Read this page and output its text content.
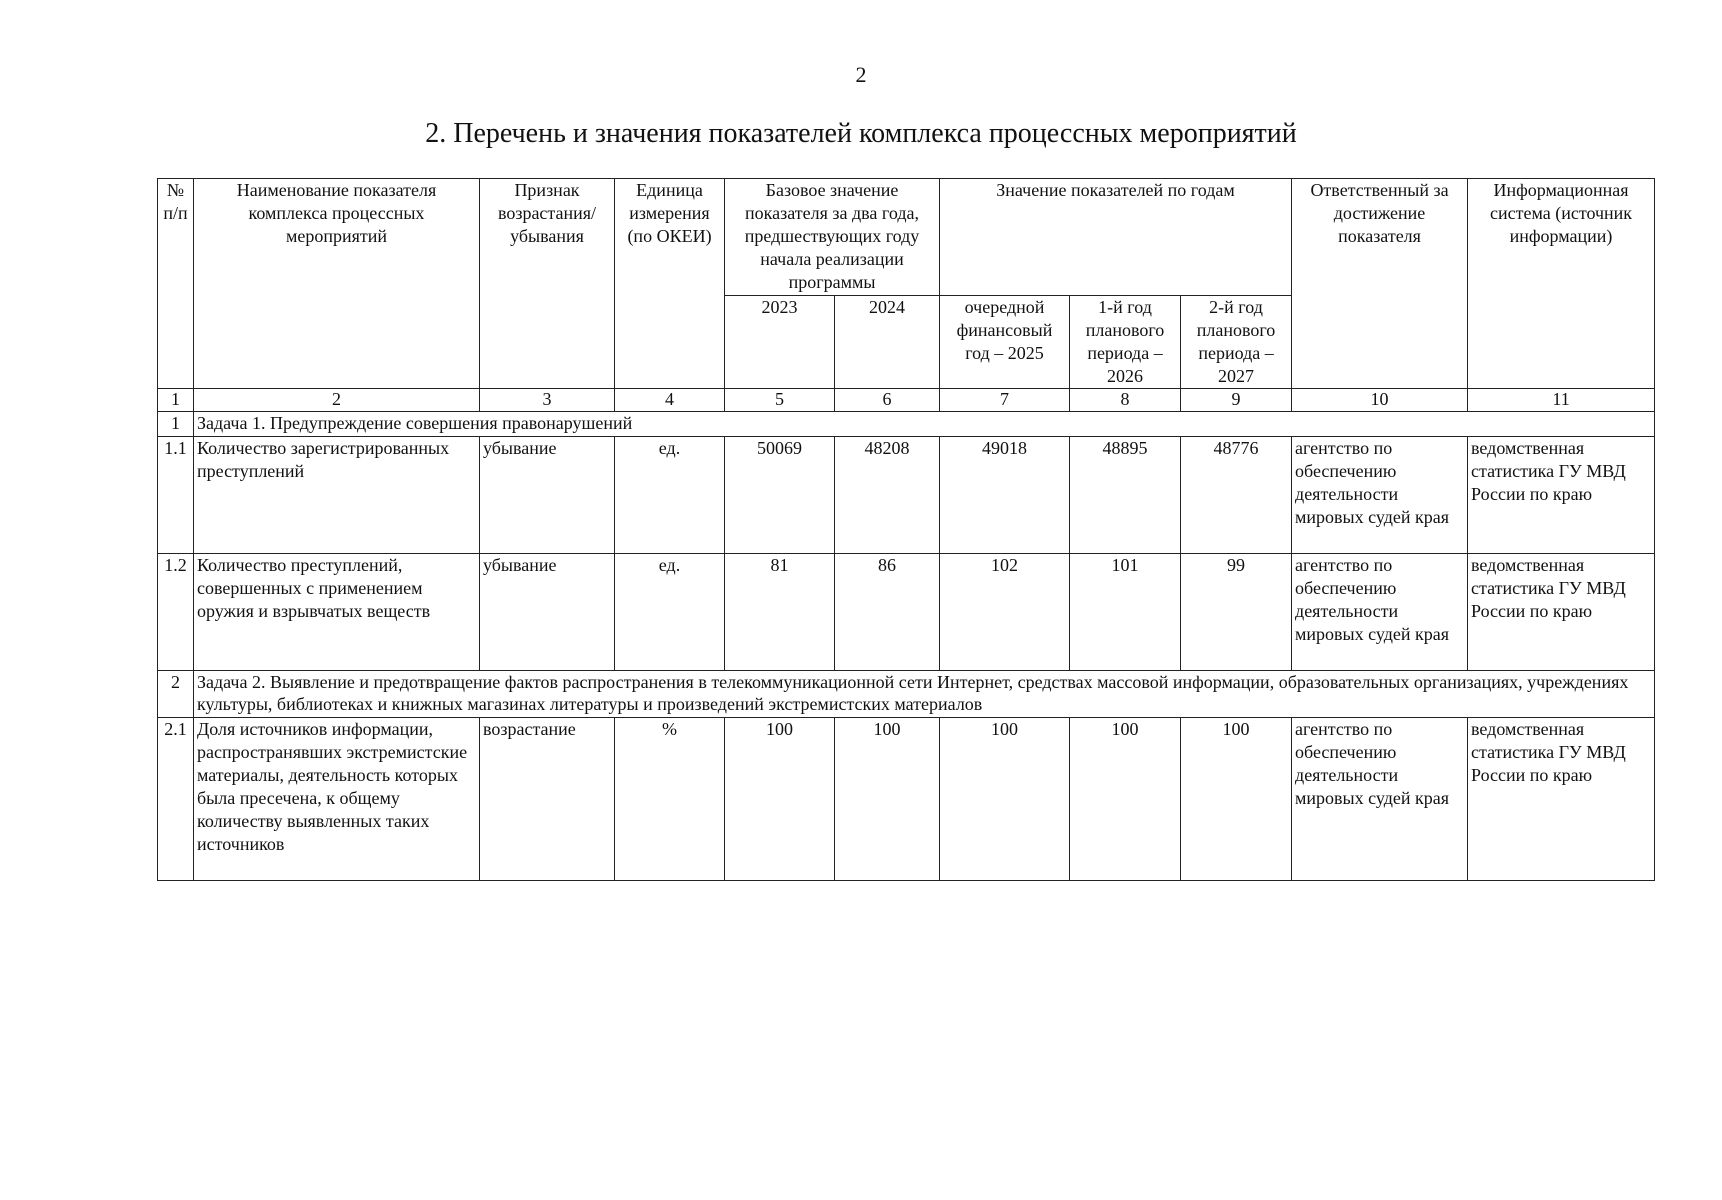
2
2. Перечень и значения показателей комплекса процессных мероприятий
№ п/п	Наименование показателя комплекса процессных мероприятий	Признак возрастания/ убывания	Единица измерения (по ОКЕИ)	Базовое значение показателя за два года, предшествующих году начала реализации программы		Значение показателей по годам			Ответственный за достижение показателя	Информационная система (источник информации)
				2023	2024	очередной финансовый год – 2025	1-й год планового периода – 2026	2-й год планового периода – 2027		
1	2	3	4	5	6	7	8	9	10	11
1	Задача 1. Предупреждение совершения правонарушений									
1.1	Количество зарегистрированных преступлений	убывание	ед.	50069	48208	49018	48895	48776	агентство по обеспечению деятельности мировых судей края	ведомственная статистика ГУ МВД России по краю
1.2	Количество преступлений, совершенных с применением оружия и взрывчатых веществ	убывание	ед.	81	86	102	101	99	агентство по обеспечению деятельности мировых судей края	ведомственная статистика ГУ МВД России по краю
2	Задача 2. Выявление и предотвращение фактов распространения в телекоммуникационной сети Интернет, средствах массовой информации, образовательных организациях, учреждениях культуры, библиотеках и книжных магазинах литературы и произведений экстремистских материалов									
2.1	Доля источников информации, распространявших экстремистские материалы, деятельность которых была пресечена, к общему количеству выявленных таких источников	возрастание	%	100	100	100	100	100	агентство по обеспечению деятельности мировых судей края	ведомственная статистика ГУ МВД России по краю
